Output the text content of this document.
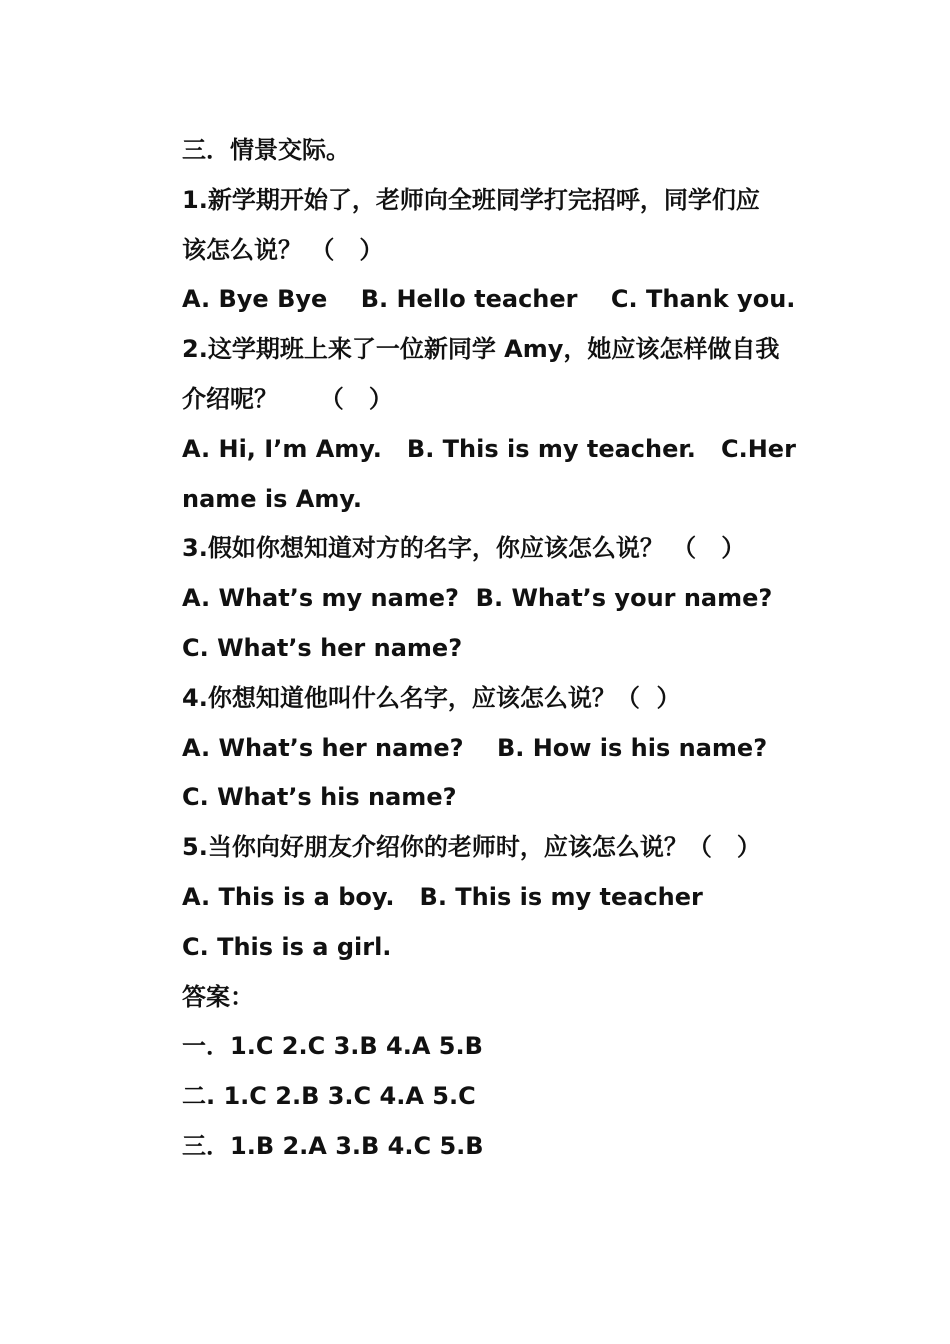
三．情景交际。
1.新学期开始了，老师向全班同学打完招呼，同学们应
该怎么说？ （   ）
A. Bye Bye    B. Hello teacher    C. Thank you.
2.这学期班上来了一位新同学 Amy，她应该怎样做自我
介绍呢？     （   ）
A. Hi, I’m Amy.   B. This is my teacher.   C.Her
name is Amy.
3.假如你想知道对方的名字，你应该怎么说？ （   ）
A. What’s my name?  B. What’s your name?
C. What’s her name?
4.你想知道他叫什么名字，应该怎么说？（  ）
A. What’s her name?    B. How is his name?
C. What’s his name?
5.当你向好朋友介绍你的老师时，应该怎么说？（   ）
A. This is a boy.   B. This is my teacher
C. This is a girl.
答案：
一．1.C 2.C 3.B 4.A 5.B
二. 1.C 2.B 3.C 4.A 5.C
三．1.B 2.A 3.B 4.C 5.B
